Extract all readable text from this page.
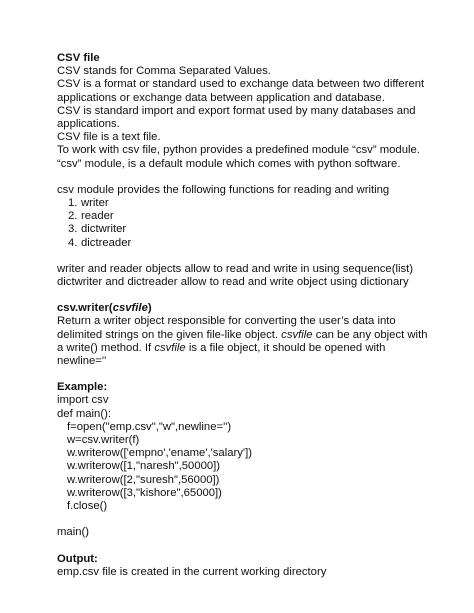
CSV file
CSV stands for Comma Separated Values.
CSV is a format or standard used to exchange data between two different
applications or exchange data between application and database.
CSV is standard import and export format used by many databases and
applications.
CSV file is a text file.
To work with csv file, python provides a predefined module “csv” module.
“csv” module, is a default module which comes with python software.
csv module provides the following functions for reading and writing
1. writer
2. reader
3. dictwriter
4. dictreader
writer and reader objects allow to read and write in using sequence(list)
dictwriter and dictreader allow to read and write object using dictionary
csv.writer(csvfile)
Return a writer object responsible for converting the user’s data into
delimited strings on the given file-like object. csvfile can be any object with
a write() method. If csvfile is a file object, it should be opened with
newline=''
Example:
import csv
def main():
f=open("emp.csv","w",newline='')
w=csv.writer(f)
w.writerow(['empno','ename','salary'])
w.writerow([1,"naresh",50000])
w.writerow([2,"suresh",56000])
w.writerow([3,"kishore",65000])
f.close()
main()
Output:
emp.csv file is created in the current working directory
